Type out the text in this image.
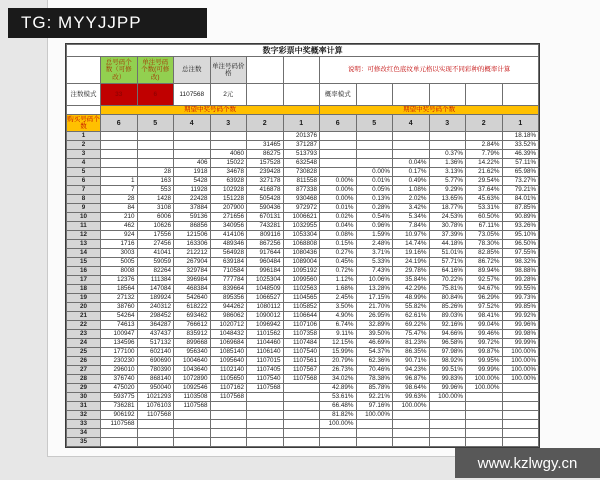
TG: MYYJJPP
数字彩票中奖概率计算												
	总号码个数（可修改）	单注号码个数(可修改)	总注数	单注号码价格			说明：可修改红色底纹单元格以实现不同彩种的概率计算					
注数模式	33	6	1107568	2元			概率模式					
	期望中奖号码个数						期望中奖号码个数					
购买号码个数	6	5	4	3	2	1	6	5	4	3	2	1
1						201376						18.18%
2					31465	371287					2.84%	33.52%
3				4060	86275	513793				0.37%	7.79%	46.39%
4			406	15022	157528	632548			0.04%	1.36%	14.22%	57.11%
5		28	1918	34678	239428	730828		0.00%	0.17%	3.13%	21.62%	65.98%
6	1	163	5428	63928	327178	811558	0.00%	0.01%	0.49%	5.77%	29.54%	73.27%
7	7	553	11928	102928	416878	877338	0.00%	0.05%	1.08%	9.29%	37.64%	79.21%
8	28	1428	22428	151228	505428	930468	0.00%	0.13%	2.02%	13.65%	45.63%	84.01%
9	84	3108	37884	207900	590436	972972	0.01%	0.28%	3.42%	18.77%	53.31%	87.85%
10	210	6006	59136	271656	670131	1006621	0.02%	0.54%	5.34%	24.53%	60.50%	90.89%
11	462	10626	86856	340956	743281	1032955	0.04%	0.96%	7.84%	30.78%	67.11%	93.26%
12	924	17556	121506	414106	809116	1053304	0.08%	1.59%	10.97%	37.39%	73.05%	95.10%
13	1716	27456	163306	489346	867256	1068808	0.15%	2.48%	14.74%	44.18%	78.30%	96.50%
14	3003	41041	212212	564928	917644	1080436	0.27%	3.71%	19.16%	51.01%	82.85%	97.55%
15	5005	59059	267904	639184	960484	1089004	0.45%	5.33%	24.19%	57.71%	86.72%	98.32%
16	8008	82264	329784	710584	996184	1095192	0.72%	7.43%	29.78%	64.16%	89.94%	98.88%
17	12376	111384	396984	777784	1025304	1099560	1.12%	10.06%	35.84%	70.22%	92.57%	99.28%
18	18564	147084	468384	839664	1048509	1102563	1.68%	13.28%	42.29%	75.81%	94.67%	99.55%
19	27132	189924	542640	895356	1066527	1104565	2.45%	17.15%	48.99%	80.84%	96.29%	99.73%
20	38760	240312	618222	944262	1080112	1105852	3.50%	21.70%	55.82%	85.26%	97.52%	99.85%
21	54264	298452	693462	986062	1090012	1106644	4.90%	26.95%	62.61%	89.03%	98.41%	99.92%
22	74613	364287	766612	1020712	1096942	1107106	6.74%	32.89%	69.22%	92.16%	99.04%	99.96%
23	100947	437437	835912	1048432	1101562	1107358	9.11%	39.50%	75.47%	94.66%	99.46%	99.98%
24	134596	517132	899668	1069684	1104460	1107484	12.15%	46.69%	81.23%	96.58%	99.72%	99.99%
25	177100	602140	956340	1085140	1106140	1107540	15.99%	54.37%	86.35%	97.98%	99.87%	100.00%
26	230230	690690	1004640	1095640	1107015	1107561	20.79%	62.36%	90.71%	98.92%	99.95%	100.00%
27	296010	780390	1043640	1102140	1107405	1107567	26.73%	70.46%	94.23%	99.51%	99.99%	100.00%
28	376740	868140	1072890	1105650	1107540	1107568	34.02%	78.38%	96.87%	99.83%	100.00%	100.00%
29	475020	950040	1092546	1107162	1107568		42.89%	85.78%	98.64%	99.96%	100.00%	
30	593775	1021293	1103508	1107568			53.61%	92.21%	99.63%	100.00%		
31	736281	1076103	1107568				66.48%	97.16%	100.00%			
32	906192	1107568					81.82%	100.00%				
33	1107568						100.00%					
34												
35												
www.kzlwgy.cn
